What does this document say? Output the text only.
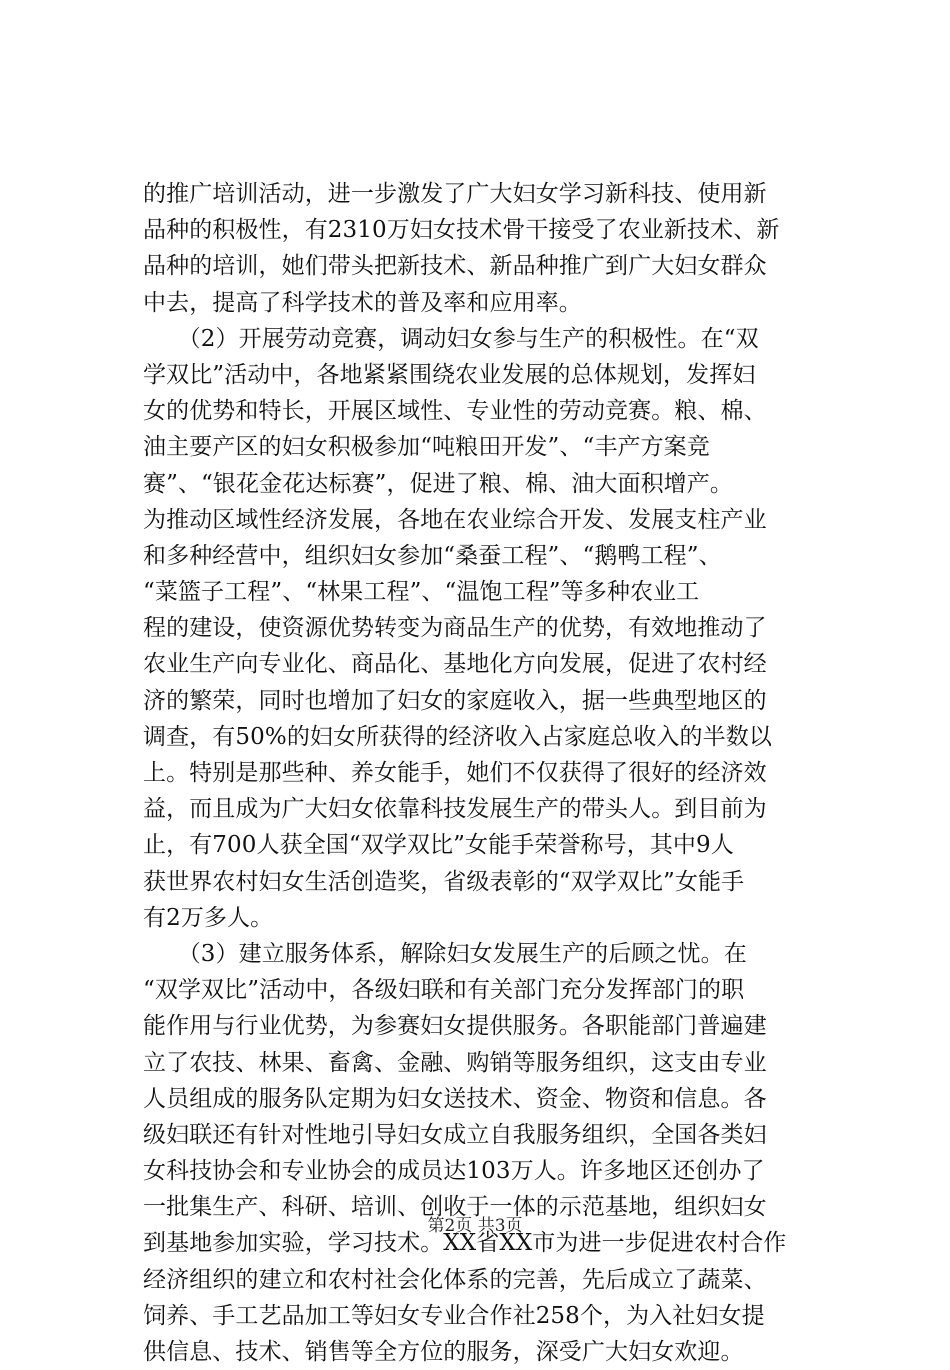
的推广培训活动，进一步激发了广大妇女学习新科技、使用新
品种的积极性，有2310万妇女技术骨干接受了农业新技术、新
品种的培训，她们带头把新技术、新品种推广到广大妇女群众
中去，提高了科学技术的普及率和应用率。
　　（2）开展劳动竞赛，调动妇女参与生产的积极性。在“双
学双比”活动中，各地紧紧围绕农业发展的总体规划，发挥妇
女的优势和特长，开展区域性、专业性的劳动竞赛。粮、棉、
油主要产区的妇女积极参加“吨粮田开发”、“丰产方案竞
赛”、“银花金花达标赛”，促进了粮、棉、油大面积增产。
为推动区域性经济发展，各地在农业综合开发、发展支柱产业
和多种经营中，组织妇女参加“桑蚕工程”、“鹅鸭工程”、
“菜篮子工程”、“林果工程”、“温饱工程”等多种农业工
程的建设，使资源优势转变为商品生产的优势，有效地推动了
农业生产向专业化、商品化、基地化方向发展，促进了农村经
济的繁荣，同时也增加了妇女的家庭收入，据一些典型地区的
调查，有50%的妇女所获得的经济收入占家庭总收入的半数以
上。特别是那些种、养女能手，她们不仅获得了很好的经济效
益，而且成为广大妇女依靠科技发展生产的带头人。到目前为
止，有700人获全国“双学双比”女能手荣誉称号，其中9人
获世界农村妇女生活创造奖，省级表彰的“双学双比”女能手
有2万多人。
　　（3）建立服务体系，解除妇女发展生产的后顾之忧。在
“双学双比”活动中，各级妇联和有关部门充分发挥部门的职
能作用与行业优势，为参赛妇女提供服务。各职能部门普遍建
立了农技、林果、畜禽、金融、购销等服务组织，这支由专业
人员组成的服务队定期为妇女送技术、资金、物资和信息。各
级妇联还有针对性地引导妇女成立自我服务组织，全国各类妇
女科技协会和专业协会的成员达103万人。许多地区还创办了
一批集生产、科研、培训、创收于一体的示范基地，组织妇女
到基地参加实验，学习技术。XX省XX市为进一步促进农村合作
经济组织的建立和农村社会化体系的完善，先后成立了蔬菜、
饲养、手工艺品加工等妇女专业合作社258个，为入社妇女提
供信息、技术、销售等全方位的服务，深受广大妇女欢迎。
第2页 共3页
